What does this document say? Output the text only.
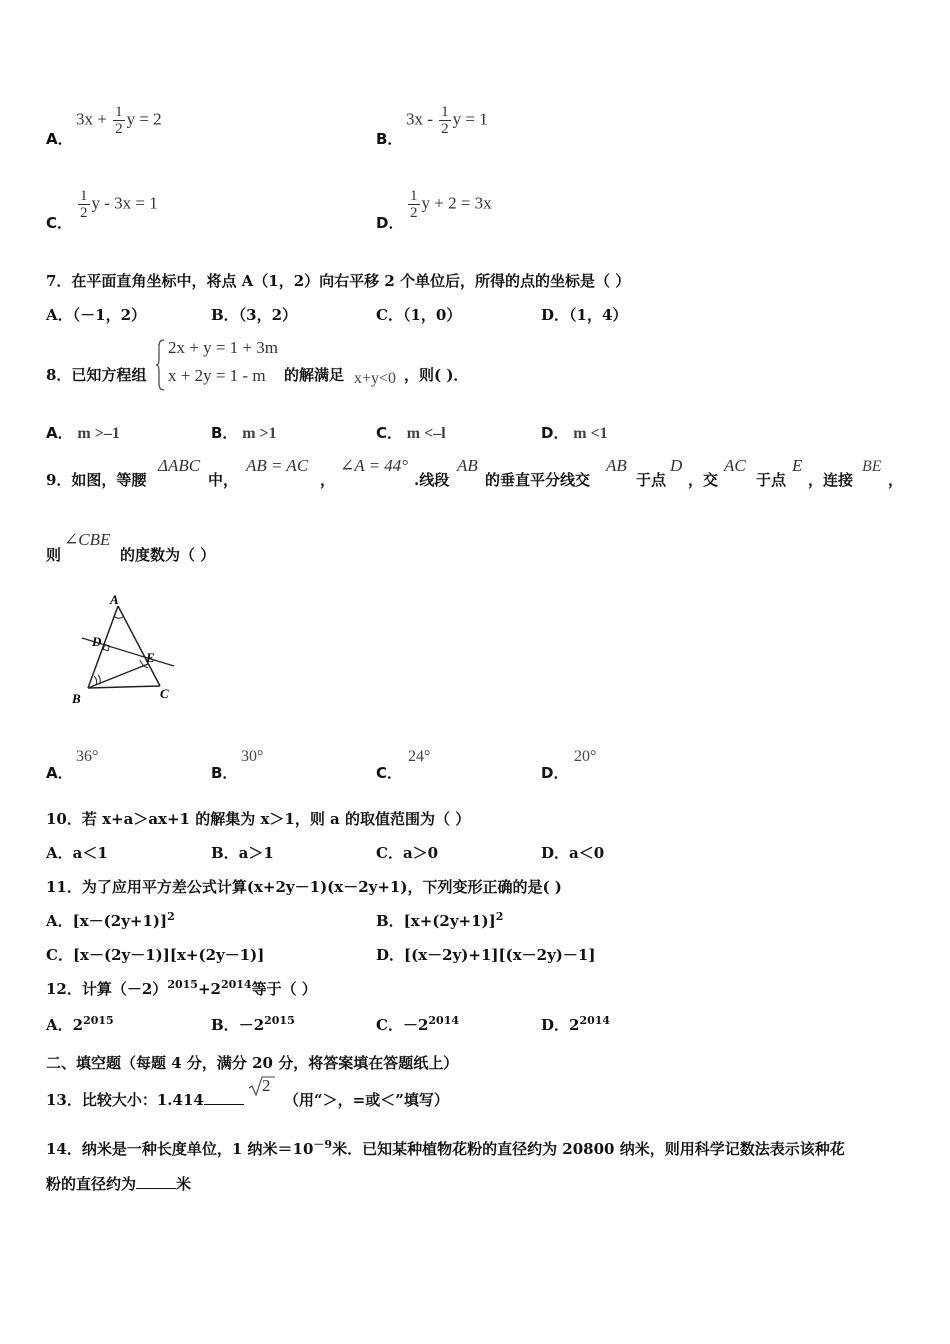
A．
$3x + \frac{1}{2}$ y = 2
B．
$3x - \frac{1}{2}$ y = 1
C．
$\frac{1}{2}$ y - 3x = 1
D．
$\frac{1}{2}$ y + 2 = 3x
7．在平面直角坐标中，将点 A（1，2）向右平移 2 个单位后，所得的点的坐标是（ ）
A．（－1，2）	B．（3，2）	C．（1，0）	D．（1，4）
8．已知方程组
2x + y = 1 + 3m
x + 2y = 1 - m 的解满足 x+y<0 ，则( )．
A． m >–1	B． m >1	C． m <–l	D． m <1
9．如图，等腰
ΔABC
中，
AB = AC
，
∠A = 44°
.线段
AB
的垂直平分线交
AB
于点
D
，交
AC
于点
E
，连接
BE
，
则
∠CBE
的度数为（ ）
A
D
E
B	C
A．
36°
B．
30°
C．
24°
D．
20°
10．若 x+a＞ax+1 的解集为 x＞1，则 a 的取值范围为（ ）
A．a＜1	B．a＞1	C．a＞0	D．a＜0
11．为了应用平方差公式计算(x+2y－1)(x－2y+1)，下列变形正确的是( )
A．$[x-(2y+1)]^2$	B．$[x+(2y+1)]^2$
C．[x－(2y－1)][x+(2y－1)]	D．[(x－2y)+1][(x－2y)－1]
12．计算$(-2)^{2015}+2^{2014}$等于（ ）
A．$2^{2015}$	B．$-2^{2015}$	C．$-2^{2014}$	D．$2^{2014}$
二、填空题（每题 4 分，满分 20 分，将答案填在答题纸上）
13．比较大小：1.414
2
（用“＞，=或＜”填写）
14．纳米是一种长度单位，1 纳米$=10^{-9}$米．已知某种植物花粉的直径约为 20800 纳米，则用科学记数法表示该种花
粉的直径约为	米
